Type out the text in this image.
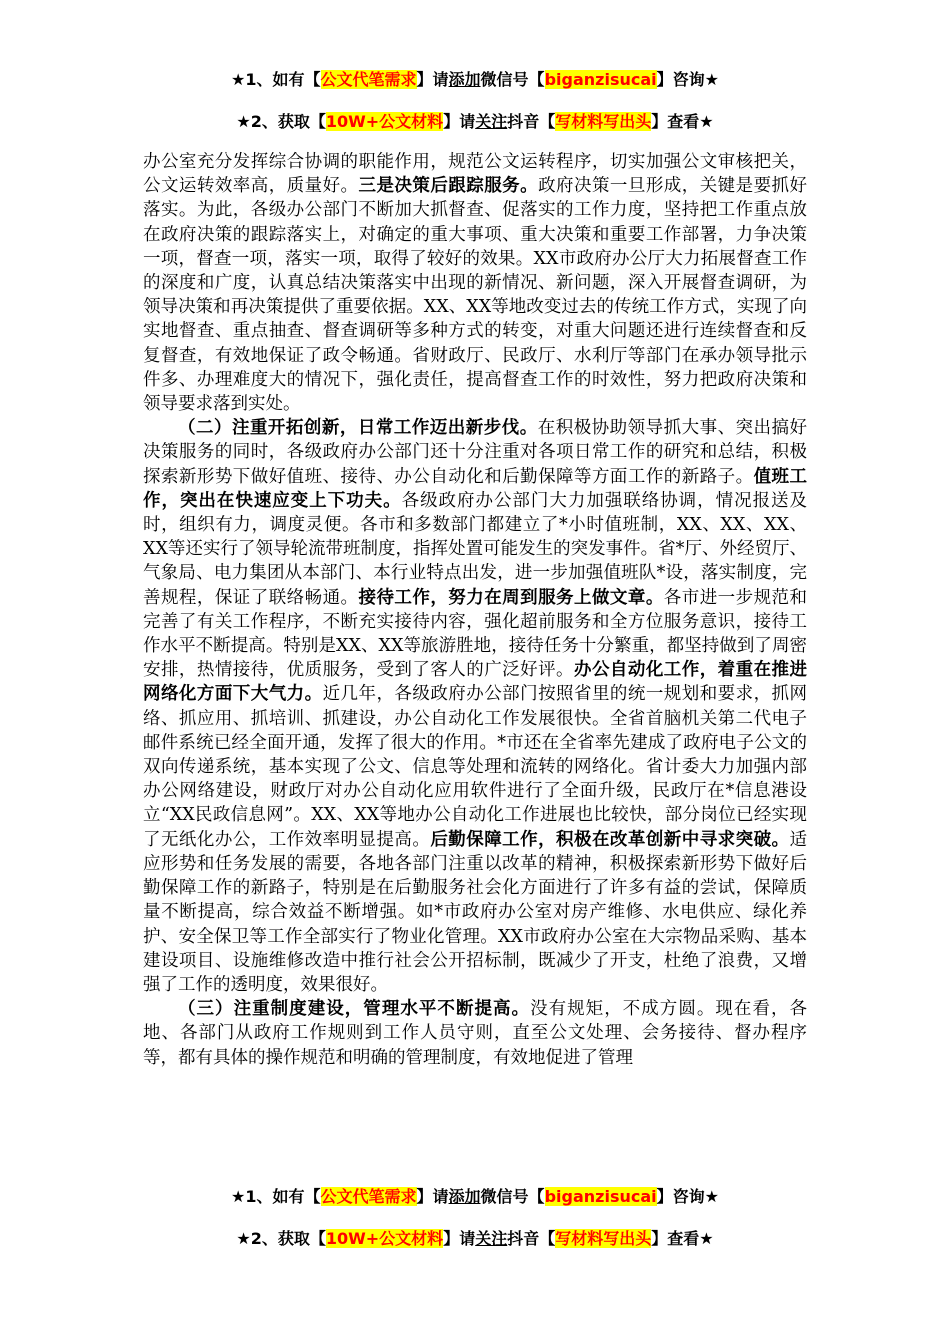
★1、如有【公文代笔需求】请添加微信号【biganzisucai】咨询★
★2、获取【10W+公文材料】请关注抖音【写材料写出头】查看★

办公室充分发挥综合协调的职能作用，规范公文运转程序，切实加强公文审核把关，公文运转效率高，质量好。三是决策后跟踪服务。政府决策一旦形成，关键是要抓好落实。为此，各级办公部门不断加大抓督查、促落实的工作力度，坚持把工作重点放在政府决策的跟踪落实上，对确定的重大事项、重大决策和重要工作部署，力争决策一项，督查一项，落实一项，取得了较好的效果。XX市政府办公厅大力拓展督查工作的深度和广度，认真总结决策落实中出现的新情况、新问题，深入开展督查调研，为领导决策和再决策提供了重要依据。XX、XX等地改变过去的传统工作方式，实现了向实地督查、重点抽查、督查调研等多种方式的转变，对重大问题还进行连续督查和反复督查，有效地保证了政令畅通。省财政厅、民政厅、水利厅等部门在承办领导批示件多、办理难度大的情况下，强化责任，提高督查工作的时效性，努力把政府决策和领导要求落到实处。

（二）注重开拓创新，日常工作迈出新步伐。在积极协助领导抓大事、突出搞好决策服务的同时，各级政府办公部门还十分注重对各项日常工作的研究和总结，积极探索新形势下做好值班、接待、办公自动化和后勤保障等方面工作的新路子。值班工作，突出在快速应变上下功夫。各级政府办公部门大力加强联络协调，情况报送及时，组织有力，调度灵便。各市和多数部门都建立了*小时值班制，XX、XX、XX、XX等还实行了领导轮流带班制度，指挥处置可能发生的突发事件。省*厅、外经贸厅、气象局、电力集团从本部门、本行业特点出发，进一步加强值班队*设，落实制度，完善规程，保证了联络畅通。接待工作，努力在周到服务上做文章。各市进一步规范和完善了有关工作程序，不断充实接待内容，强化超前服务和全方位服务意识，接待工作水平不断提高。特别是XX、XX等旅游胜地，接待任务十分繁重，都坚持做到了周密安排，热情接待，优质服务，受到了客人的广泛好评。办公自动化工作，着重在推进网络化方面下大气力。近几年，各级政府办公部门按照省里的统一规划和要求，抓网络、抓应用、抓培训、抓建设，办公自动化工作发展很快。全省首脑机关第二代电子邮件系统已经全面开通，发挥了很大的作用。*市还在全省率先建成了政府电子公文的双向传递系统，基本实现了公文、信息等处理和流转的网络化。省计委大力加强内部办公网络建设，财政厅对办公自动化应用软件进行了全面升级，民政厅在*信息港设立“XX民政信息网”。XX、XX等地办公自动化工作进展也比较快，部分岗位已经实现了无纸化办公，工作效率明显提高。后勤保障工作，积极在改革创新中寻求突破。适应形势和任务发展的需要，各地各部门注重以改革的精神，积极探索新形势下做好后勤保障工作的新路子，特别是在后勤服务社会化方面进行了许多有益的尝试，保障质量不断提高，综合效益不断增强。如*市政府办公室对房产维修、水电供应、绿化养护、安全保卫等工作全部实行了物业化管理。XX市政府办公室在大宗物品采购、基本建设项目、设施维修改造中推行社会公开招标制，既减少了开支，杜绝了浪费，又增强了工作的透明度，效果很好。

（三）注重制度建设，管理水平不断提高。没有规矩，不成方圆。现在看，各地、各部门从政府工作规则到工作人员守则，直至公文处理、会务接待、督办程序等，都有具体的操作规范和明确的管理制度，有效地促进了管理

★1、如有【公文代笔需求】请添加微信号【biganzisucai】咨询★
★2、获取【10W+公文材料】请关注抖音【写材料写出头】查看★
